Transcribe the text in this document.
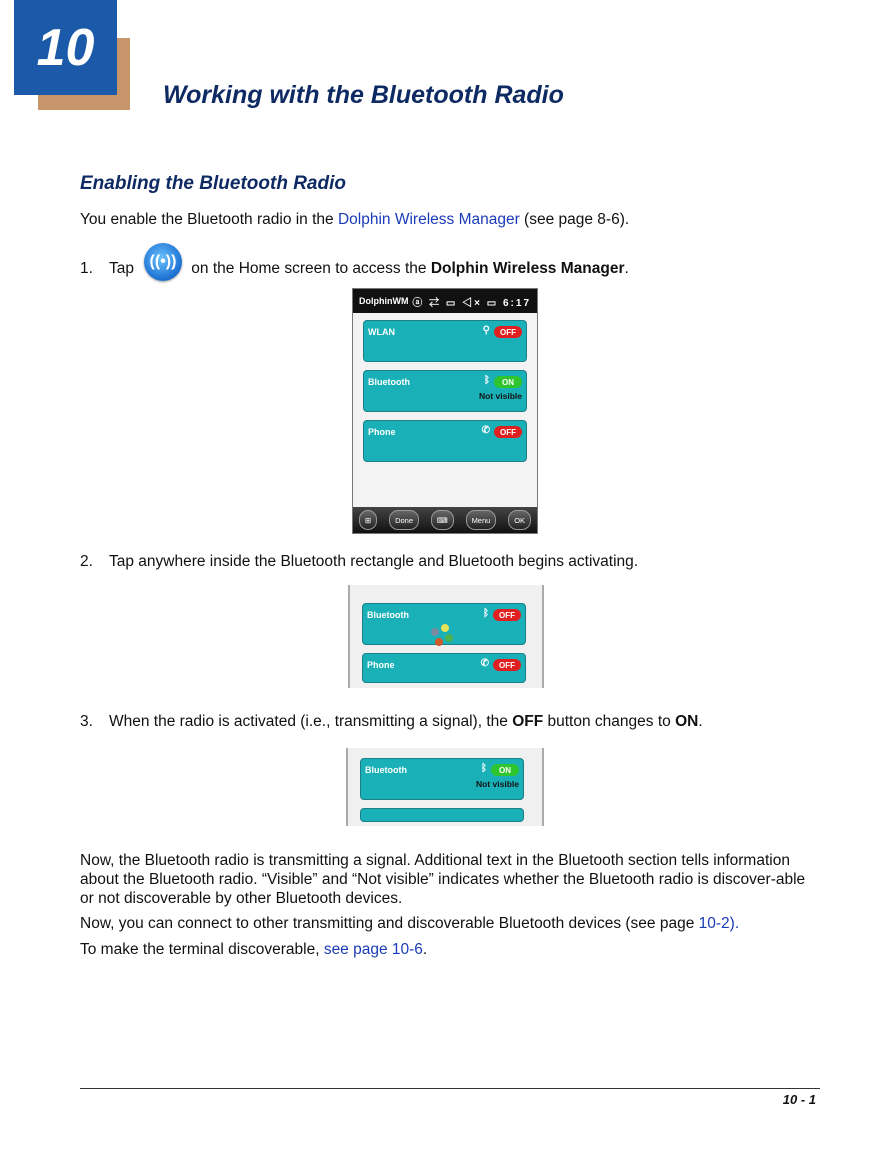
10
Working with the Bluetooth Radio
Enabling the Bluetooth Radio
You enable the Bluetooth radio in the Dolphin Wireless Manager (see page 8-6).
1. Tap	on the Home screen to access the Dolphin Wireless Manager.
((•))
DolphinWM ⓐ ⇄ ▭ ◁× ▭ 6:17
WLAN	⚲	OFF
Bluetooth	ᛒ	ON
Not visible
Phone	✆	OFF
⊞	Done	⌨	Menu	OK
2. Tap anywhere inside the Bluetooth rectangle and Bluetooth begins activating.
Bluetooth	ᛒ	OFF
Phone	✆	OFF
3. When the radio is activated (i.e., transmitting a signal), the OFF button changes to ON.
Bluetooth	ᛒ	ON
Not visible
Now, the Bluetooth radio is transmitting a signal. Additional text in the Bluetooth section tells information about the Bluetooth radio. “Visible” and “Not visible” indicates whether the Bluetooth radio is discover-able or not discoverable by other Bluetooth devices.
Now, you can connect to other transmitting and discoverable Bluetooth devices (see page 10-2).
To make the terminal discoverable, see page 10-6.
10 - 1
